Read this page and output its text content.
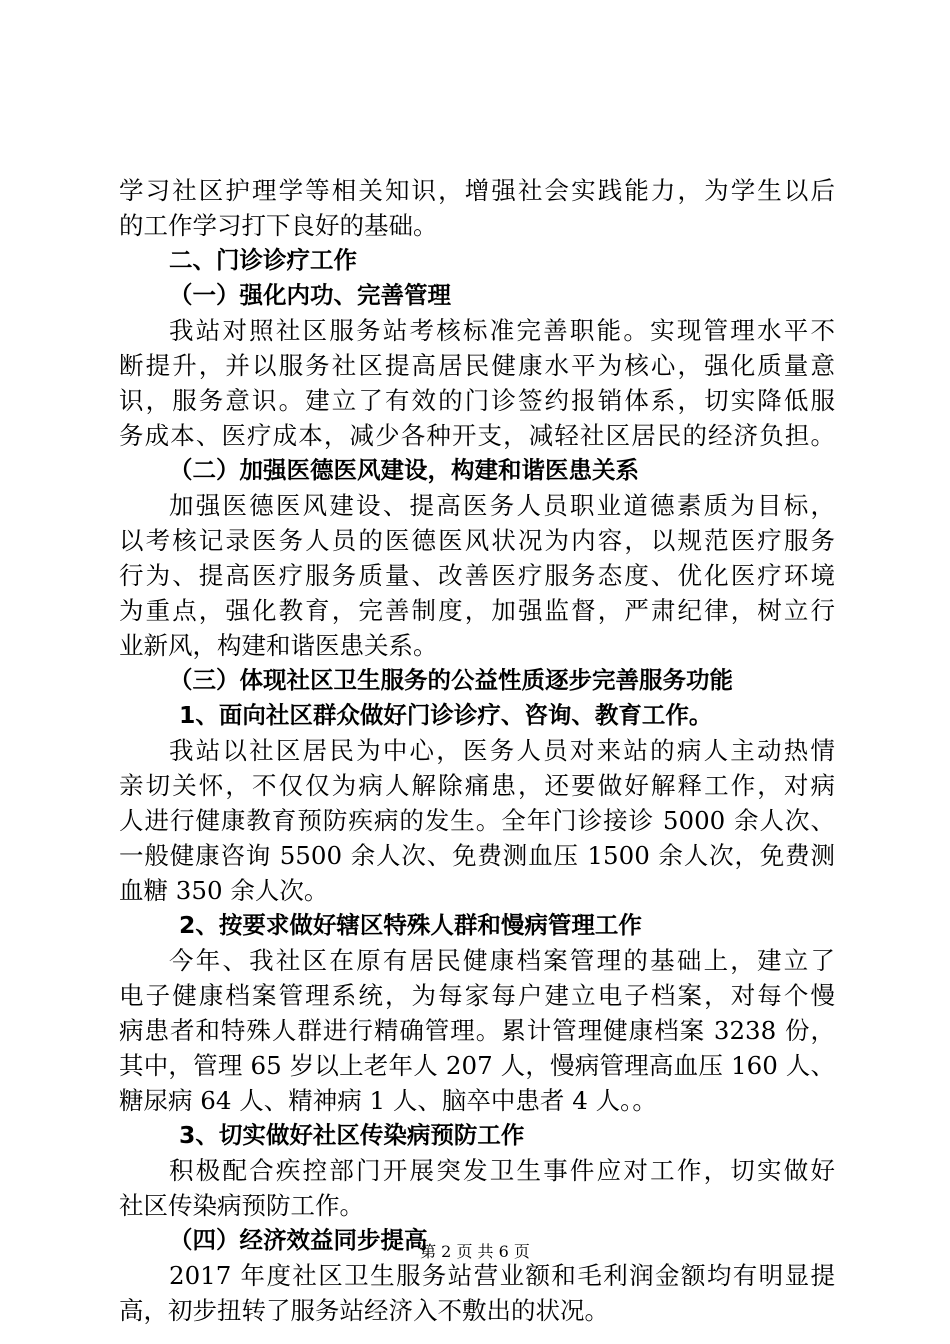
学习社区护理学等相关知识，增强社会实践能力，为学生以后
的工作学习打下良好的基础。
二、门诊诊疗工作
（一）强化内功、完善管理
我站对照社区服务站考核标准完善职能。实现管理水平不
断提升，并以服务社区提高居民健康水平为核心，强化质量意
识，服务意识。建立了有效的门诊签约报销体系，切实降低服
务成本、医疗成本，减少各种开支，减轻社区居民的经济负担。
（二）加强医德医风建设，构建和谐医患关系
加强医德医风建设、提高医务人员职业道德素质为目标，
以考核记录医务人员的医德医风状况为内容，以规范医疗服务
行为、提高医疗服务质量、改善医疗服务态度、优化医疗环境
为重点，强化教育，完善制度，加强监督，严肃纪律，树立行
业新风，构建和谐医患关系。
（三）体现社区卫生服务的公益性质逐步完善服务功能
1、面向社区群众做好门诊诊疗、咨询、教育工作。
我站以社区居民为中心，医务人员对来站的病人主动热情
亲切关怀，不仅仅为病人解除痛患，还要做好解释工作，对病
人进行健康教育预防疾病的发生。全年门诊接诊 5000 余人次、
一般健康咨询 5500 余人次、免费测血压 1500 余人次，免费测
血糖 350 余人次。
2、按要求做好辖区特殊人群和慢病管理工作
今年、我社区在原有居民健康档案管理的基础上，建立了
电子健康档案管理系统，为每家每户建立电子档案，对每个慢
病患者和特殊人群进行精确管理。累计管理健康档案 3238 份，
其中，管理 65 岁以上老年人 207 人，慢病管理高血压 160 人、
糖尿病 64 人、精神病 1 人、脑卒中患者 4 人。。
3、切实做好社区传染病预防工作
积极配合疾控部门开展突发卫生事件应对工作，切实做好
社区传染病预防工作。
（四）经济效益同步提高
2017 年度社区卫生服务站营业额和毛利润金额均有明显提
高，初步扭转了服务站经济入不敷出的状况。
第 2 页 共 6 页
